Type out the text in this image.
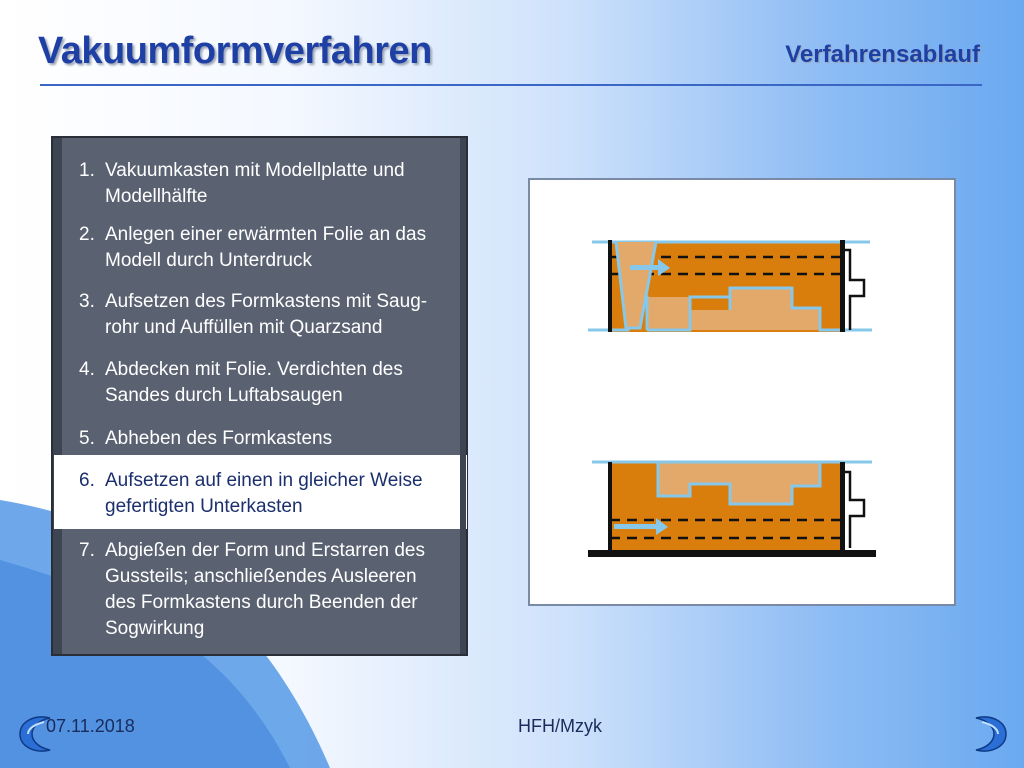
Vakuumformverfahren	Verfahrensablauf

1. Vakuumkasten mit Modellplatte und Modellhälfte

2. Anlegen einer erwärmten Folie an das Modell durch Unterdruck

3. Aufsetzen des Formkastens mit Saug-rohr und Auffüllen mit Quarzsand

4. Abdecken mit Folie. Verdichten des Sandes durch Luftabsaugen

5. Abheben des Formkastens

6. Aufsetzen auf einen in gleicher Weise gefertigten Unterkasten

7. Abgießen der Form und Erstarren des Gussteils; anschließendes Ausleeren des Formkastens durch Beenden der Sogwirkung

07.11.2018	HFH/Mzyk
